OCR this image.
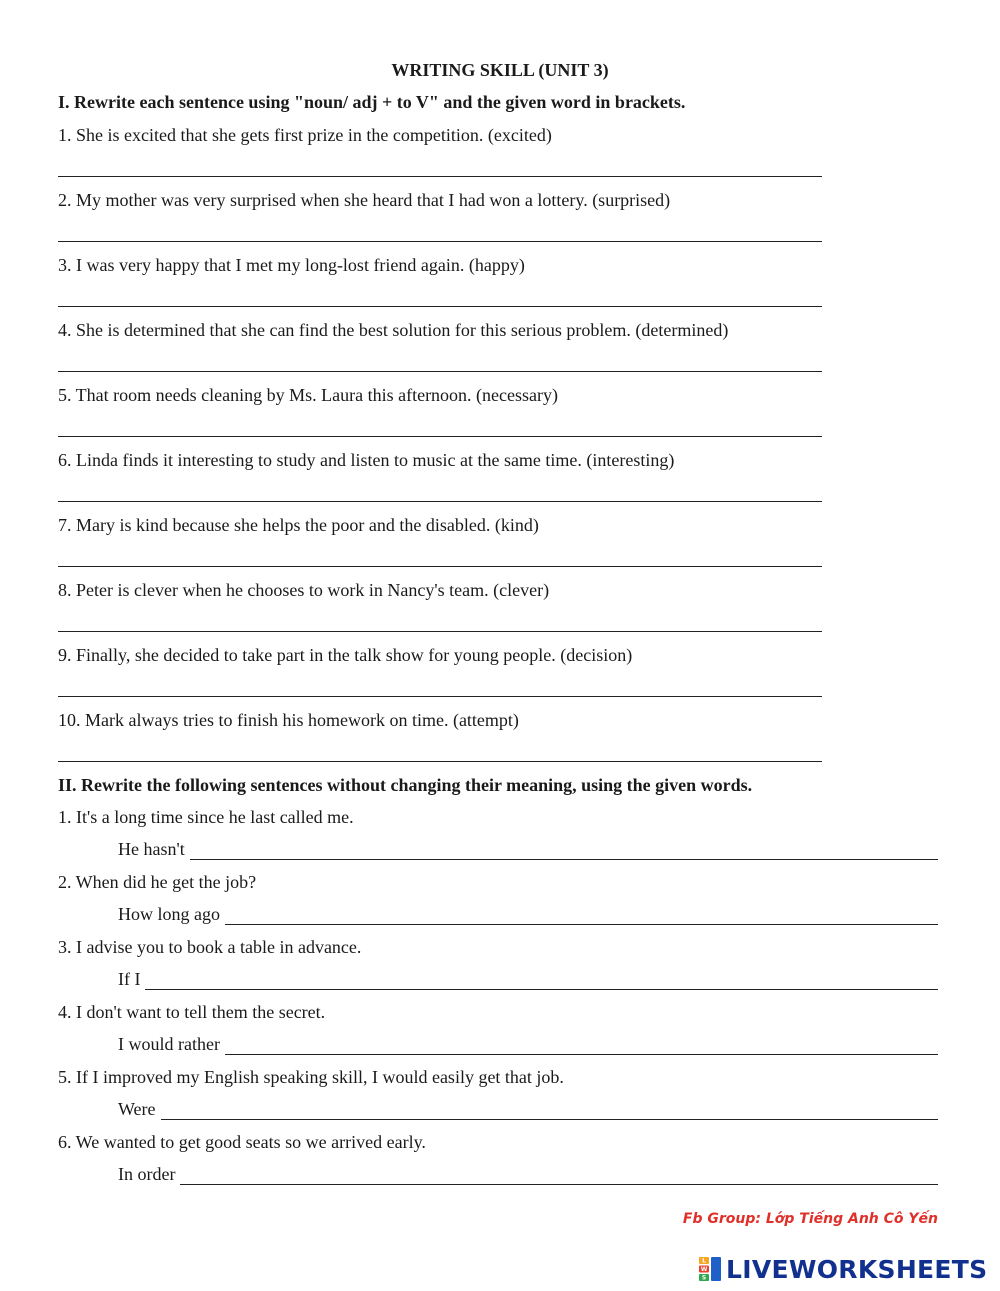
WRITING SKILL (UNIT 3)
I. Rewrite each sentence using "noun/ adj + to V" and the given word in brackets.
1. She is excited that she gets first prize in the competition. (excited)
2. My mother was very surprised when she heard that I had won a lottery. (surprised)
3. I was very happy that I met my long-lost friend again. (happy)
4. She is determined that she can find the best solution for this serious problem. (determined)
5. That room needs cleaning by Ms. Laura this afternoon. (necessary)
6. Linda finds it interesting to study and listen to music at the same time. (interesting)
7. Mary is kind because she helps the poor and the disabled. (kind)
8. Peter is clever when he chooses to work in Nancy's team. (clever)
9. Finally, she decided to take part in the talk show for young people. (decision)
10. Mark always tries to finish his homework on time. (attempt)
II. Rewrite the following sentences without changing their meaning, using the given words.
1. It's a long time since he last called me.
He hasn't
2. When did he get the job?
How long ago
3. I advise you to book a table in advance.
If I
4. I don't want to tell them the secret.
I would rather
5. If I improved my English speaking skill, I would easily get that job.
Were
6. We wanted to get good seats so we arrived early.
In order
Fb Group: Lớp Tiếng Anh Cô Yến
L
W
S LIVEWORKSHEETS
